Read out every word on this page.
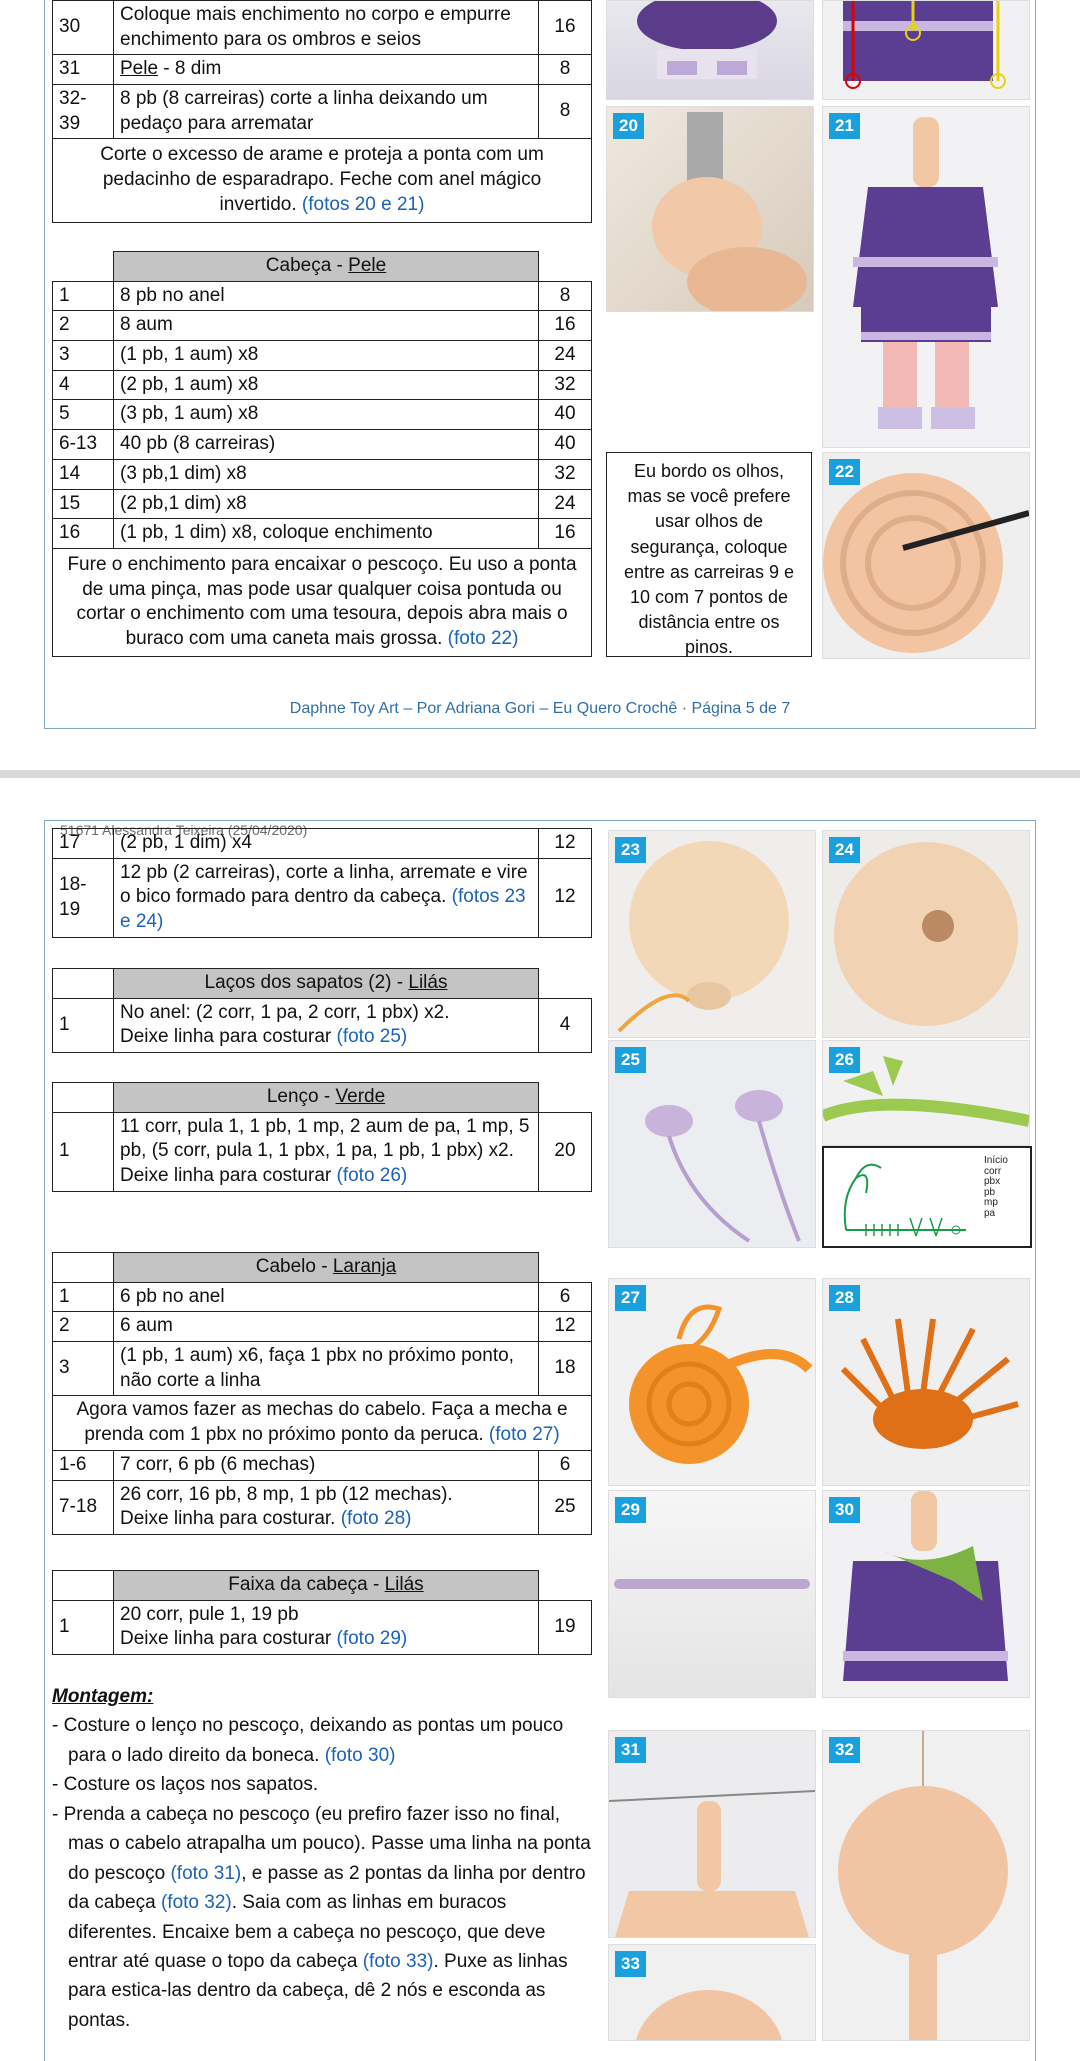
30	Coloque mais enchimento no corpo e empurre enchimento para os ombros e seios	16
31	Pele - 8 dim	8
32-39	8 pb (8 carreiras) corte a linha deixando um pedaço para arrematar	8
Corte o excesso de arame e proteja a ponta com um pedacinho de esparadrapo. Feche com anel mágico invertido. (fotos 20 e 21)		
	Cabeça - Pele	
1	8 pb no anel	8
2	8 aum	16
3	(1 pb, 1 aum) x8	24
4	(2 pb, 1 aum) x8	32
5	(3 pb, 1 aum) x8	40
6-13	40 pb (8 carreiras)	40
14	(3 pb,1 dim) x8	32
15	(2 pb,1 dim) x8	24
16	(1 pb, 1 dim) x8, coloque enchimento	16
Fure o enchimento para encaixar o pescoço. Eu uso a ponta de uma pinça, mas pode usar qualquer coisa pontuda ou cortar o enchimento com uma tesoura, depois abra mais o buraco com uma caneta mais grossa. (foto 22)		
20	21
Eu bordo os olhos, mas se você prefere usar olhos de segurança, coloque entre as carreiras 9 e 10 com 7 pontos de distância entre os pinos.
22
Daphne Toy Art – Por Adriana Gori – Eu Quero Crochê · Página 5 de 7
51671 Alessandra Teixeira (25/04/2020)
17	(2 pb, 1 dim) x4	12
18-19	12 pb (2 carreiras), corte a linha, arremate e vire o bico formado para dentro da cabeça. (fotos 23 e 24)	12
	Laços dos sapatos (2) - Lilás	
1	No anel: (2 corr, 1 pa, 2 corr, 1 pbx) x2.
Deixe linha para costurar (foto 25)	4
	Lenço - Verde	
1	11 corr, pula 1, 1 pb, 1 mp, 2 aum de pa, 1 mp, 5 pb, (5 corr, pula 1, 1 pbx, 1 pa, 1 pb, 1 pbx) x2.
Deixe linha para costurar (foto 26)	20
	Cabelo - Laranja	
1	6 pb no anel	6
2	6 aum	12
3	(1 pb, 1 aum) x6, faça 1 pbx no próximo ponto, não corte a linha	18
Agora vamos fazer as mechas do cabelo. Faça a mecha e prenda com 1 pbx no próximo ponto da peruca. (foto 27)		
1-6	7 corr, 6 pb (6 mechas)	6
7-18	26 corr, 16 pb, 8 mp, 1 pb (12 mechas).
Deixe linha para costurar. (foto 28)	25
	Faixa da cabeça - Lilás	
1	20 corr, pule 1, 19 pb
Deixe linha para costurar (foto 29)	19
Montagem:
- Costure o lenço no pescoço, deixando as pontas um pouco para o lado direito da boneca. (foto 30)
- Costure os laços nos sapatos.
- Prenda a cabeça no pescoço (eu prefiro fazer isso no final, mas o cabelo atrapalha um pouco). Passe uma linha na ponta do pescoço (foto 31), e passe as 2 pontas da linha por dentro da cabeça (foto 32). Saia com as linhas em buracos diferentes. Encaixe bem a cabeça no pescoço, que deve entrar até quase o topo da cabeça (foto 33). Puxe as linhas para estica-las dentro da cabeça, dê 2 nós e esconda as pontas.
23	24
25	26
Início
corr
pbx
pb
mp
pa
27	28
29	30
31	32
33
